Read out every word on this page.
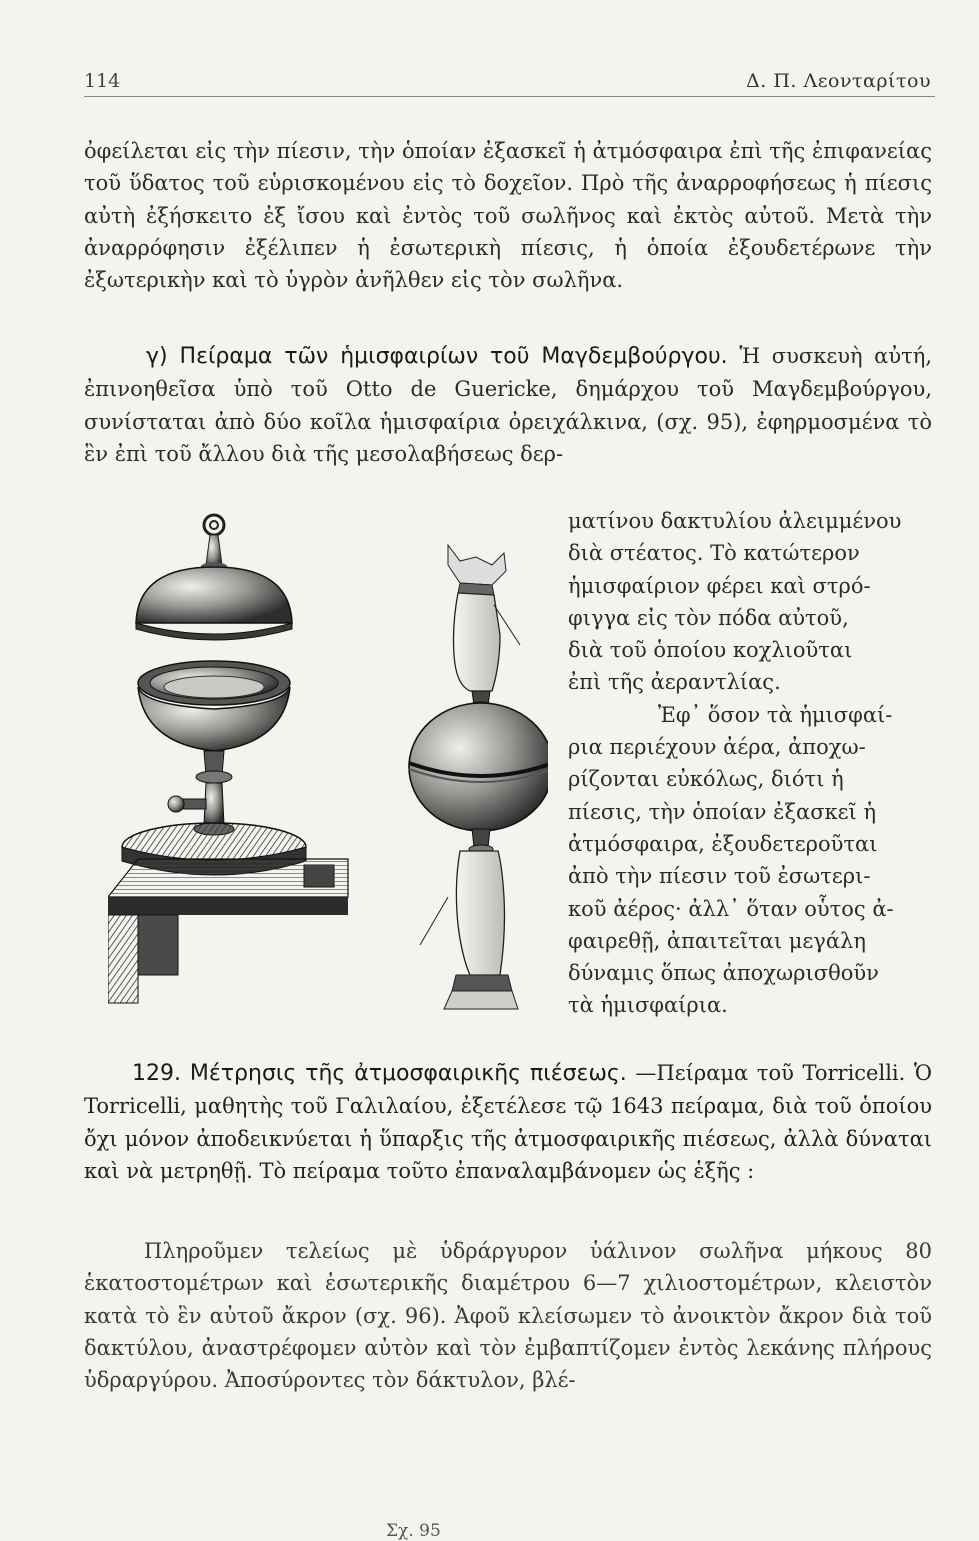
114	Δ. Π. Λεονταρίτου
ὀφείλεται εἰς τὴν πίεσιν, τὴν ὁποίαν ἐξασκεῖ ἡ ἀτμόσφαιρα ἐπὶ τῆς ἐπιφανείας τοῦ ὕδατος τοῦ εὑρισκομένου εἰς τὸ δοχεῖον. Πρὸ τῆς ἀναρροφήσεως ἡ πίεσις αὐτὴ ἐξήσκειτο ἐξ ἴσου καὶ ἐντὸς τοῦ σωλῆνος καὶ ἐκτὸς αὐτοῦ. Μετὰ τὴν ἀναρρόφησιν ἐξέλιπεν ἡ ἐσωτερικὴ πίεσις, ἡ ὁποία ἐξουδετέρωνε τὴν ἐξωτερικὴν καὶ τὸ ὑγρὸν ἀνῆλθεν εἰς τὸν σωλῆνα.
γ) Πείραμα τῶν ἡμισφαιρίων τοῦ Μαγδεμβούργου. Ἡ συσκευὴ αὐτή, ἐπινοηθεῖσα ὑπὸ τοῦ Otto de Guericke, δημάρχου τοῦ Μαγδεμβούργου, συνίσταται ἀπὸ δύο κοῖλα ἡμισφαίρια ὀρειχάλκινα, (σχ. 95), ἐφηρμοσμένα τὸ ἓν ἐπὶ τοῦ ἄλλου διὰ τῆς μεσολαβήσεως δερ-
ματίνου δακτυλίου ἀλειμμένου
διὰ στέατος. Τὸ κατώτερον
ἡμισφαίριον φέρει καὶ στρό-
φιγγα εἰς τὸν πόδα αὐτοῦ,
διὰ τοῦ ὁποίου κοχλιοῦται
ἐπὶ τῆς ἀεραντλίας.
Ἐφ᾽ ὅσον τὰ ἡμισφαί-
ρια περιέχουν ἀέρα, ἀποχω-
ρίζονται εὐκόλως, διότι ἡ
πίεσις, τὴν ὁποίαν ἐξασκεῖ ἡ
ἀτμόσφαιρα, ἐξουδετεροῦται
ἀπὸ τὴν πίεσιν τοῦ ἐσωτερι-
κοῦ ἀέρος· ἀλλ᾽ ὅταν οὗτος ἀ-
φαιρεθῇ, ἀπαιτεῖται μεγάλη
δύναμις ὅπως ἀποχωρισθοῦν
τὰ ἡμισφαίρια.
Σχ. 95
129. Μέτρησις τῆς ἀτμοσφαιρικῆς πιέσεως. —Πείραμα τοῦ Torricelli. Ὁ Torricelli, μαθητὴς τοῦ Γαλιλαίου, ἐξετέλεσε τῷ 1643 πείραμα, διὰ τοῦ ὁποίου ὄχι μόνον ἀποδεικνύεται ἡ ὕπαρξις τῆς ἀτμοσφαιρικῆς πιέσεως, ἀλλὰ δύναται καὶ νὰ μετρηθῇ. Τὸ πείραμα τοῦτο ἐπαναλαμβάνομεν ὡς ἑξῆς :
Πληροῦμεν τελείως μὲ ὑδράργυρον ὑάλινον σωλῆνα μήκους 80 ἑκατοστομέτρων καὶ ἐσωτερικῆς διαμέτρου 6—7 χιλιοστομέτρων, κλειστὸν κατὰ τὸ ἓν αὐτοῦ ἄκρον (σχ. 96). Ἀφοῦ κλείσωμεν τὸ ἀνοικτὸν ἄκρον διὰ τοῦ δακτύλου, ἀναστρέφομεν αὐτὸν καὶ τὸν ἐμβαπτίζομεν ἐντὸς λεκάνης πλήρους ὑδραργύρου. Ἀποσύροντες τὸν δάκτυλον, βλέ-
